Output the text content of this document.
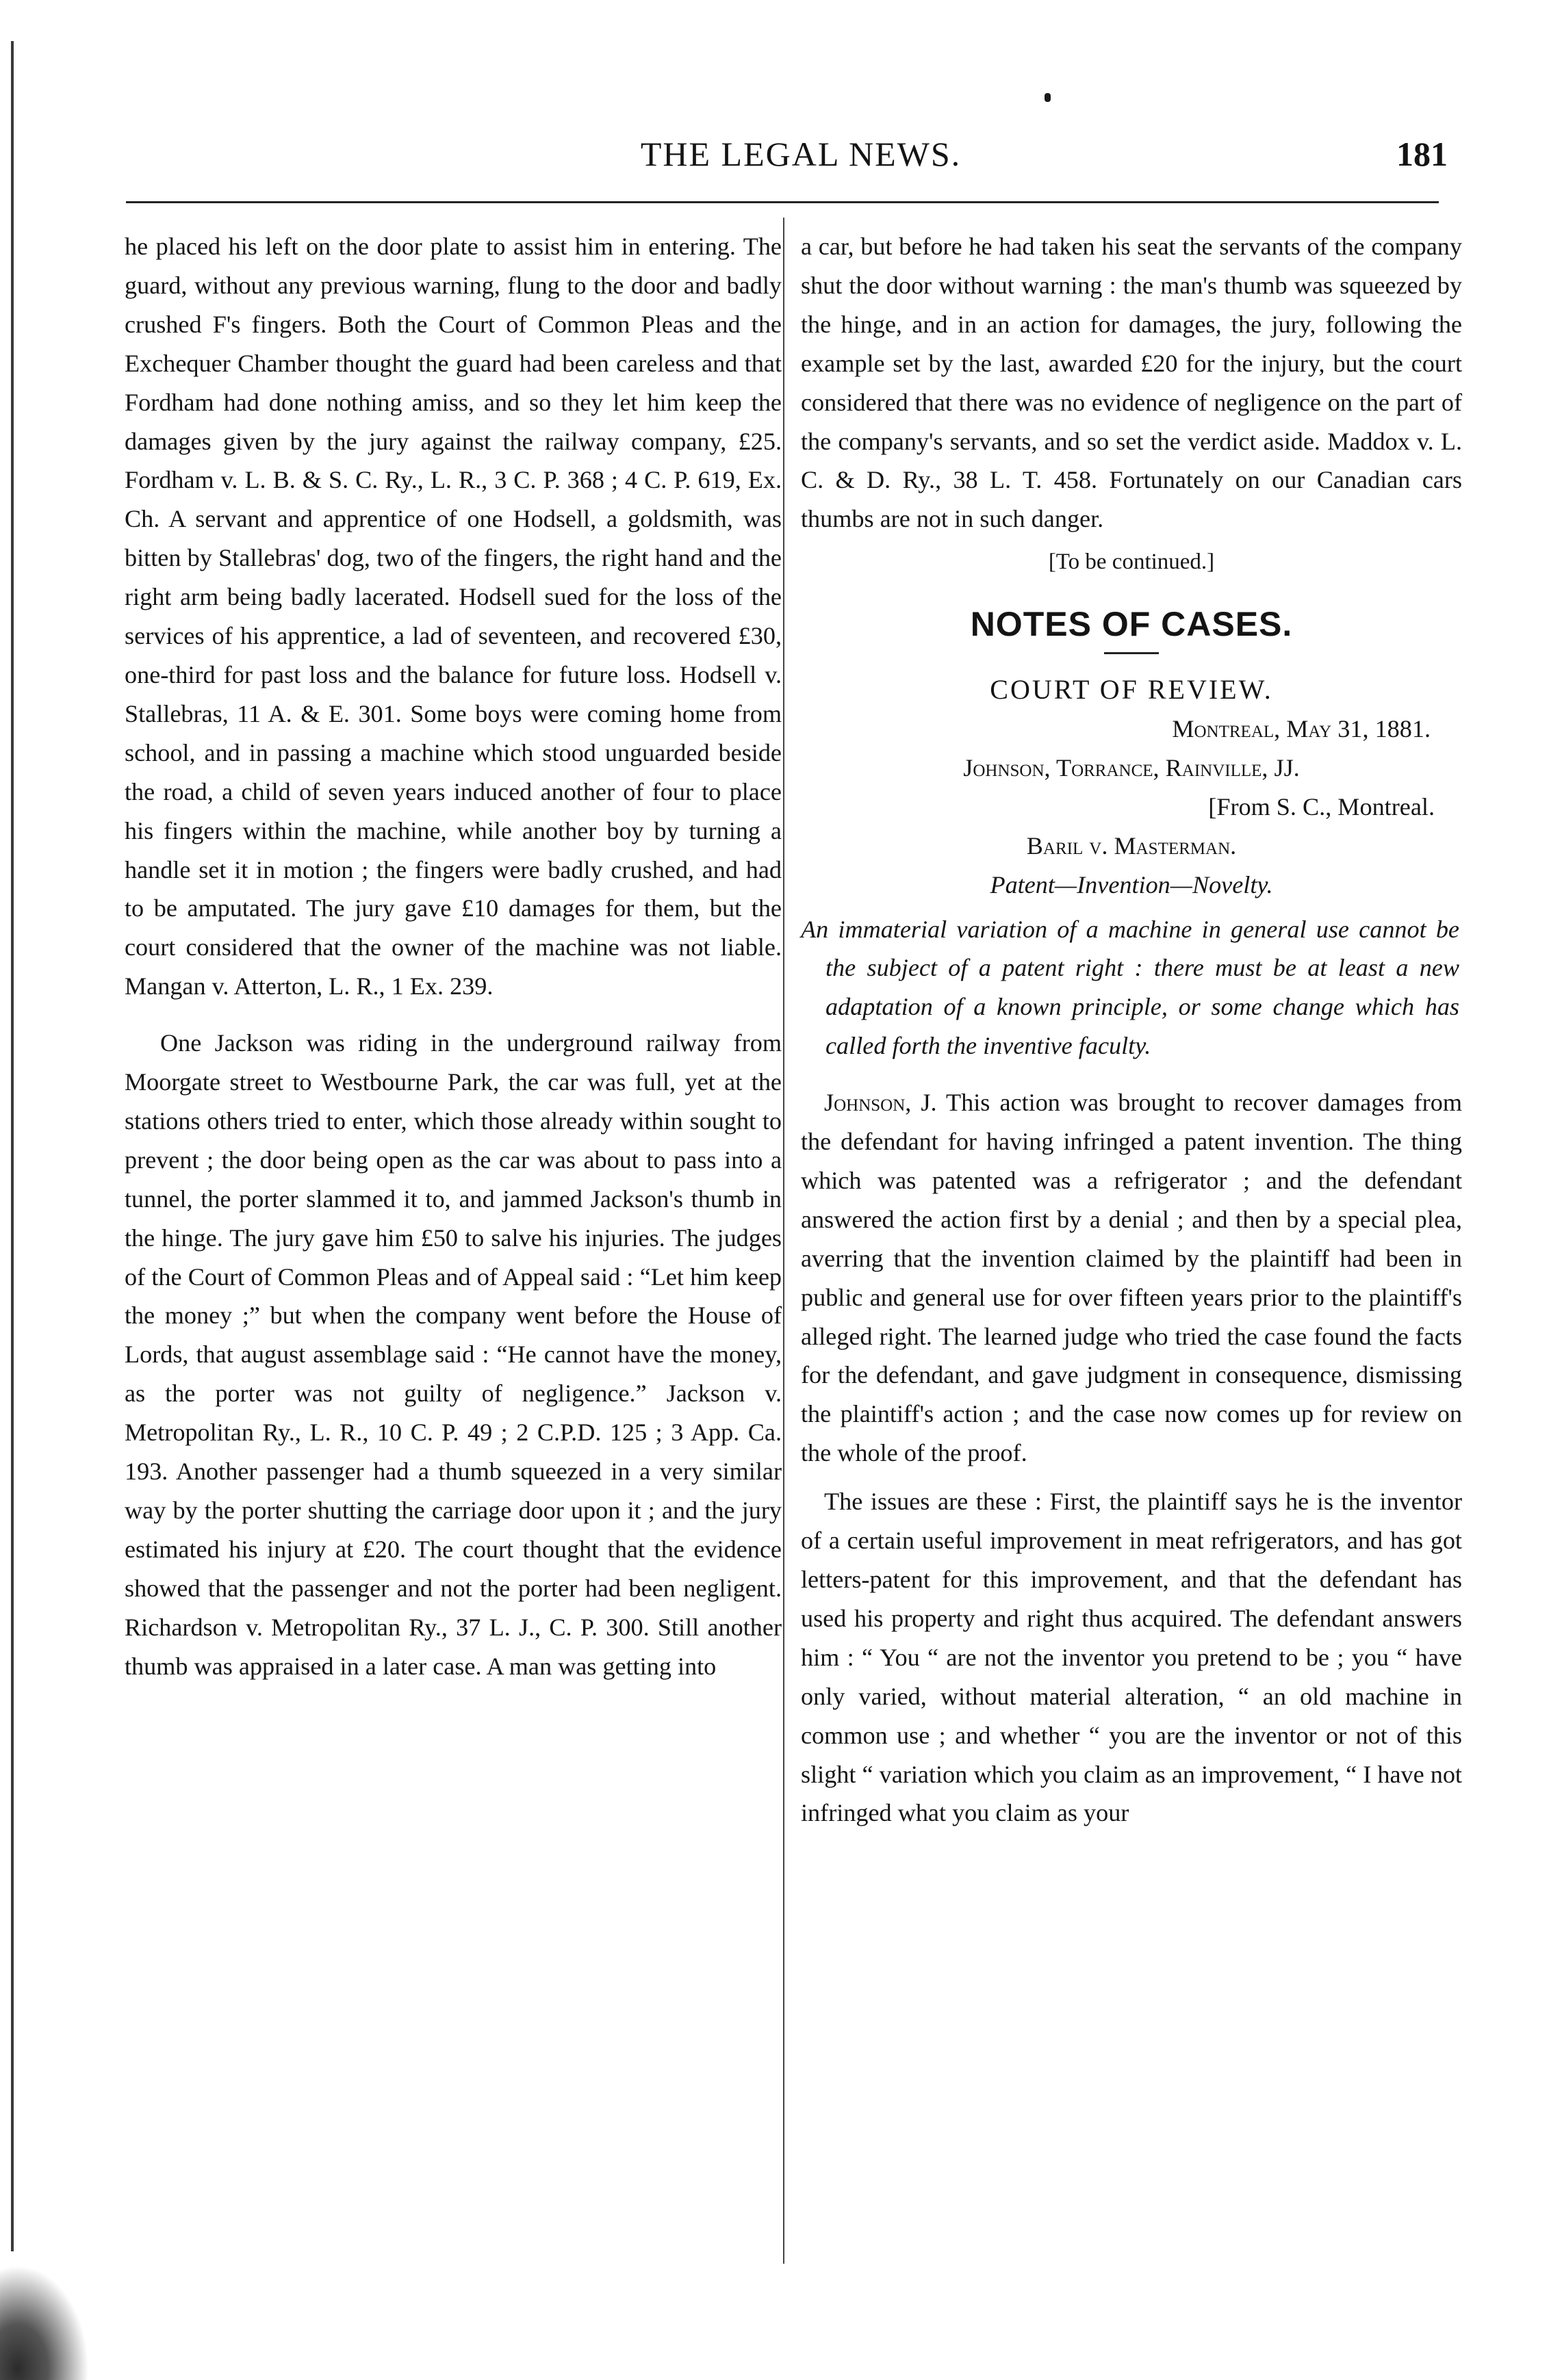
THE LEGAL NEWS.	181

he placed his left on the door plate to assist him in entering. The guard, without any previous warning, flung to the door and badly crushed F's fingers. Both the Court of Common Pleas and the Exchequer Chamber thought the guard had been careless and that Fordham had done nothing amiss, and so they let him keep the damages given by the jury against the railway company, £25. Fordham v. L. B. & S. C. Ry., L. R., 3 C. P. 368 ; 4 C. P. 619, Ex. Ch. A servant and apprentice of one Hodsell, a goldsmith, was bitten by Stallebras' dog, two of the fingers, the right hand and the right arm being badly lacerated. Hodsell sued for the loss of the services of his apprentice, a lad of seventeen, and recovered £30, one-third for past loss and the balance for future loss. Hodsell v. Stallebras, 11 A. & E. 301. Some boys were coming home from school, and in passing a machine which stood unguarded beside the road, a child of seven years induced another of four to place his fingers within the machine, while another boy by turning a handle set it in motion ; the fingers were badly crushed, and had to be amputated. The jury gave £10 damages for them, but the court considered that the owner of the machine was not liable. Mangan v. Atterton, L. R., 1 Ex. 239.

One Jackson was riding in the underground railway from Moorgate street to Westbourne Park, the car was full, yet at the stations others tried to enter, which those already within sought to prevent ; the door being open as the car was about to pass into a tunnel, the porter slammed it to, and jammed Jackson's thumb in the hinge. The jury gave him £50 to salve his injuries. The judges of the Court of Common Pleas and of Appeal said : “Let him keep the money ;” but when the company went before the House of Lords, that august assemblage said : “He cannot have the money, as the porter was not guilty of negligence.” Jackson v. Metropolitan Ry., L. R., 10 C. P. 49 ; 2 C.P.D. 125 ; 3 App. Ca. 193. Another passenger had a thumb squeezed in a very similar way by the porter shutting the carriage door upon it ; and the jury estimated his injury at £20. The court thought that the evidence showed that the passenger and not the porter had been negligent. Richardson v. Metropolitan Ry., 37 L. J., C. P. 300. Still another thumb was appraised in a later case. A man was getting into

a car, but before he had taken his seat the servants of the company shut the door without warning : the man's thumb was squeezed by the hinge, and in an action for damages, the jury, following the example set by the last, awarded £20 for the injury, but the court considered that there was no evidence of negligence on the part of the company's servants, and so set the verdict aside. Maddox v. L. C. & D. Ry., 38 L. T. 458. Fortunately on our Canadian cars thumbs are not in such danger.

[To be continued.]
NOTES OF CASES.
COURT OF REVIEW.
Montreal, May 31, 1881.
Johnson, Torrance, Rainville, JJ.
[From S. C., Montreal.
Baril v. Masterman.
Patent—Invention—Novelty.

An immaterial variation of a machine in general use cannot be the subject of a patent right : there must be at least a new adaptation of a known principle, or some change which has called forth the inventive faculty.

Johnson, J. This action was brought to recover damages from the defendant for having infringed a patent invention. The thing which was patented was a refrigerator ; and the defendant answered the action first by a denial ; and then by a special plea, averring that the invention claimed by the plaintiff had been in public and general use for over fifteen years prior to the plaintiff's alleged right. The learned judge who tried the case found the facts for the defendant, and gave judgment in consequence, dismissing the plaintiff's action ; and the case now comes up for review on the whole of the proof.

The issues are these : First, the plaintiff says he is the inventor of a certain useful improvement in meat refrigerators, and has got letters-patent for this improvement, and that the defendant has used his property and right thus acquired. The defendant answers him : “ You “ are not the inventor you pretend to be ; you “ have only varied, without material alteration, “ an old machine in common use ; and whether “ you are the inventor or not of this slight “ variation which you claim as an improvement, “ I have not infringed what you claim as your
